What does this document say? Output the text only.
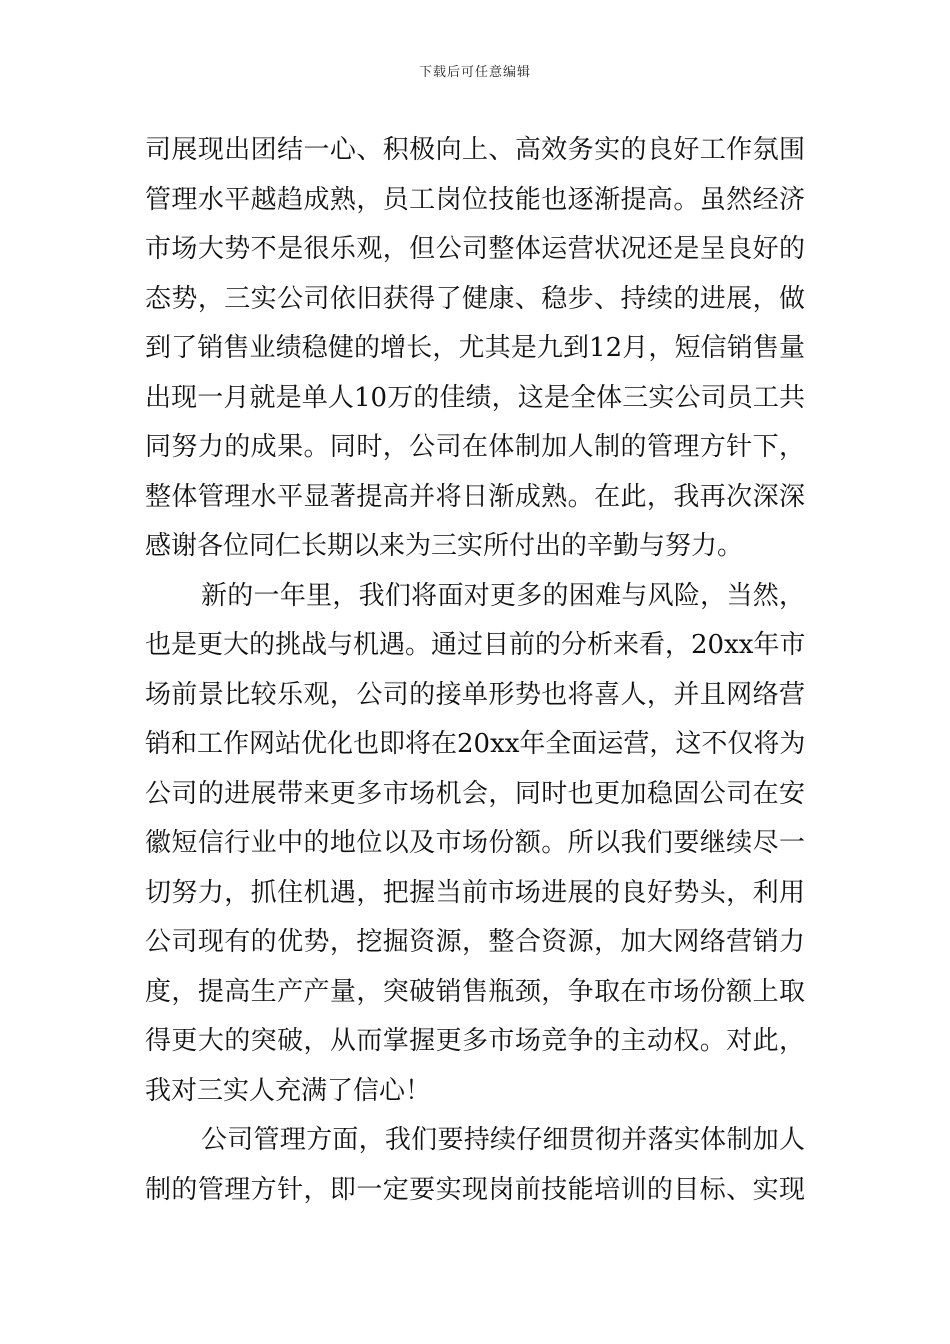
下载后可任意编辑
司展现出团结一心、积极向上、高效务实的良好工作氛围
管理水平越趋成熟，员工岗位技能也逐渐提高。虽然经济
市场大势不是很乐观，但公司整体运营状况还是呈良好的
态势，三实公司依旧获得了健康、稳步、持续的进展，做
到了销售业绩稳健的增长，尤其是九到12月，短信销售量
出现一月就是单人10万的佳绩，这是全体三实公司员工共
同努力的成果。同时，公司在体制加人制的管理方针下，
整体管理水平显著提高并将日渐成熟。在此，我再次深深
感谢各位同仁长期以来为三实所付出的辛勤与努力。
新的一年里，我们将面对更多的困难与风险，当然，
也是更大的挑战与机遇。通过目前的分析来看，20xx年市
场前景比较乐观，公司的接单形势也将喜人，并且网络营
销和工作网站优化也即将在20xx年全面运营，这不仅将为
公司的进展带来更多市场机会，同时也更加稳固公司在安
徽短信行业中的地位以及市场份额。所以我们要继续尽一
切努力，抓住机遇，把握当前市场进展的良好势头，利用
公司现有的优势，挖掘资源，整合资源，加大网络营销力
度，提高生产产量，突破销售瓶颈，争取在市场份额上取
得更大的突破，从而掌握更多市场竞争的主动权。对此，
我对三实人充满了信心！
公司管理方面，我们要持续仔细贯彻并落实体制加人
制的管理方针，即一定要实现岗前技能培训的目标、实现
